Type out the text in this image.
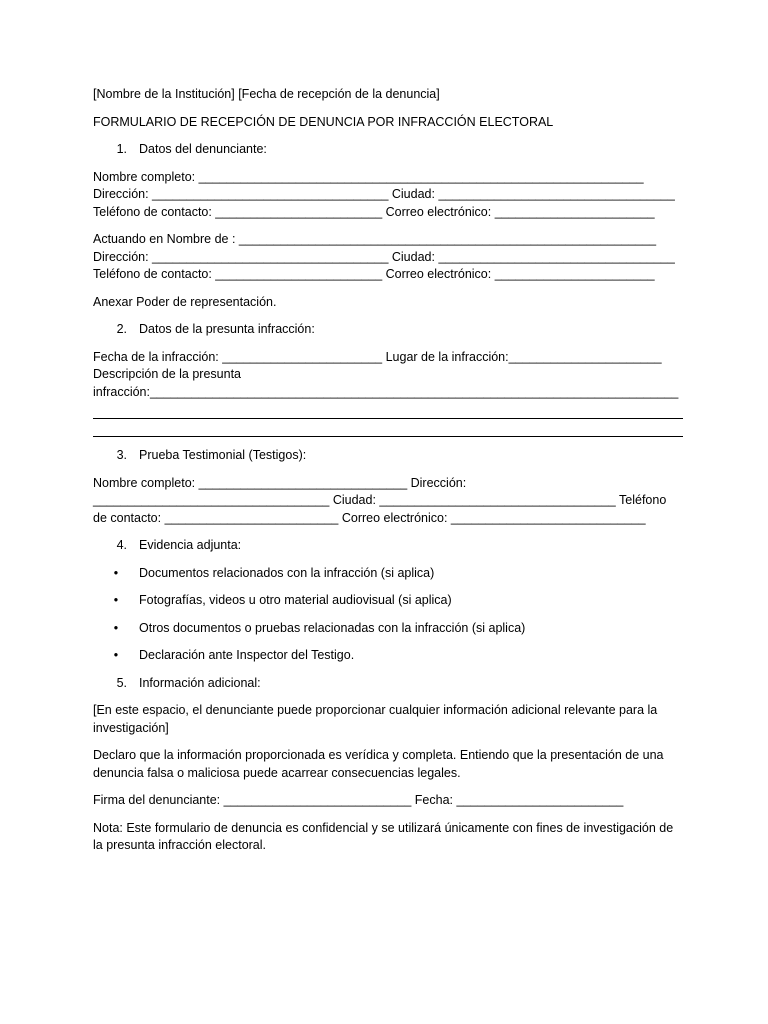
[Nombre de la Institución] [Fecha de recepción de la denuncia]

FORMULARIO DE RECEPCIÓN DE DENUNCIA POR INFRACCIÓN ELECTORAL

1. Datos del denunciante:

Nombre completo: ________________________________________________________________

Dirección: __________________________________ Ciudad: __________________________________

Teléfono de contacto: ________________________ Correo electrónico: _______________________

Actuando en Nombre de : ____________________________________________________________

Dirección: __________________________________ Ciudad: __________________________________

Teléfono de contacto: ________________________ Correo electrónico: _______________________

Anexar Poder de representación.

2. Datos de la presunta infracción:

Fecha de la infracción: _______________________ Lugar de la infracción:______________________

Descripción de la presunta

infracción:____________________________________________________________________________

3. Prueba Testimonial (Testigos):

Nombre completo: ______________________________ Dirección:

__________________________________ Ciudad: __________________________________ Teléfono

de contacto: _________________________ Correo electrónico: ____________________________

4. Evidencia adjunta:
•	Documentos relacionados con la infracción (si aplica)
•	Fotografías, videos u otro material audiovisual (si aplica)
•	Otros documentos o pruebas relacionadas con la infracción (si aplica)
•	Declaración ante Inspector del Testigo.
5. Información adicional:

[En este espacio, el denunciante puede proporcionar cualquier información adicional relevante para la investigación]

Declaro que la información proporcionada es verídica y completa. Entiendo que la presentación de una denuncia falsa o maliciosa puede acarrear consecuencias legales.

Firma del denunciante: ___________________________ Fecha: ________________________

Nota: Este formulario de denuncia es confidencial y se utilizará únicamente con fines de investigación de la presunta infracción electoral.
